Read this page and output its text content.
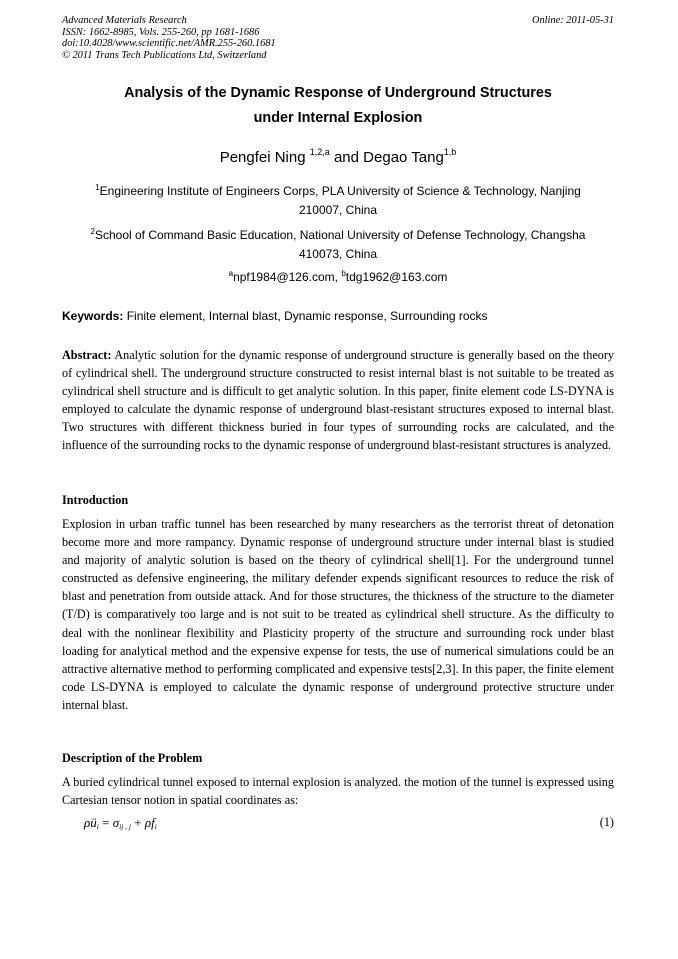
Advanced Materials Research
ISSN: 1662-8985, Vols. 255-260, pp 1681-1686
doi:10.4028/www.scientific.net/AMR.255-260.1681
© 2011 Trans Tech Publications Ltd, Switzerland
Online: 2011-05-31
Analysis of the Dynamic Response of Underground Structures
under Internal Explosion
Pengfei Ning $^{1,2,a}$ and Degao Tang$^{1,b}$
$^1$Engineering Institute of Engineers Corps, PLA University of Science & Technology, Nanjing
210007, China
$^2$School of Command Basic Education, National University of Defense Technology, Changsha
410073, China
$^a$npf1984@126.com, $^b$tdg1962@163.com
Keywords: Finite element, Internal blast, Dynamic response, Surrounding rocks
Abstract: Analytic solution for the dynamic response of underground structure is generally based on the theory of cylindrical shell. The underground structure constructed to resist internal blast is not suitable to be treated as cylindrical shell structure and is difficult to get analytic solution. In this paper, finite element code LS-DYNA is employed to calculate the dynamic response of underground blast-resistant structures exposed to internal blast. Two structures with different thickness buried in four types of surrounding rocks are calculated, and the influence of the surrounding rocks to the dynamic response of underground blast-resistant structures is analyzed.
Introduction
Explosion in urban traffic tunnel has been researched by many researchers as the terrorist threat of detonation become more and more rampancy. Dynamic response of underground structure under internal blast is studied and majority of analytic solution is based on the theory of cylindrical shell[1]. For the underground tunnel constructed as defensive engineering, the military defender expends significant resources to reduce the risk of blast and penetration from outside attack. And for those structures, the thickness of the structure to the diameter (T/D) is comparatively too large and is not suit to be treated as cylindrical shell structure. As the difficulty to deal with the nonlinear flexibility and Plasticity property of the structure and surrounding rock under blast loading for analytical method and the expensive expense for tests, the use of numerical simulations could be an attractive alternative method to performing complicated and expensive tests[2,3]. In this paper, the finite element code LS-DYNA is employed to calculate the dynamic response of underground protective structure under internal blast.
Description of the Problem
A buried cylindrical tunnel exposed to internal explosion is analyzed. the motion of the tunnel is expressed using Cartesian tensor notion in spatial coordinates as:
$\rho ü_i = \sigma_{ij , j} + \rho f_i$	(1)
